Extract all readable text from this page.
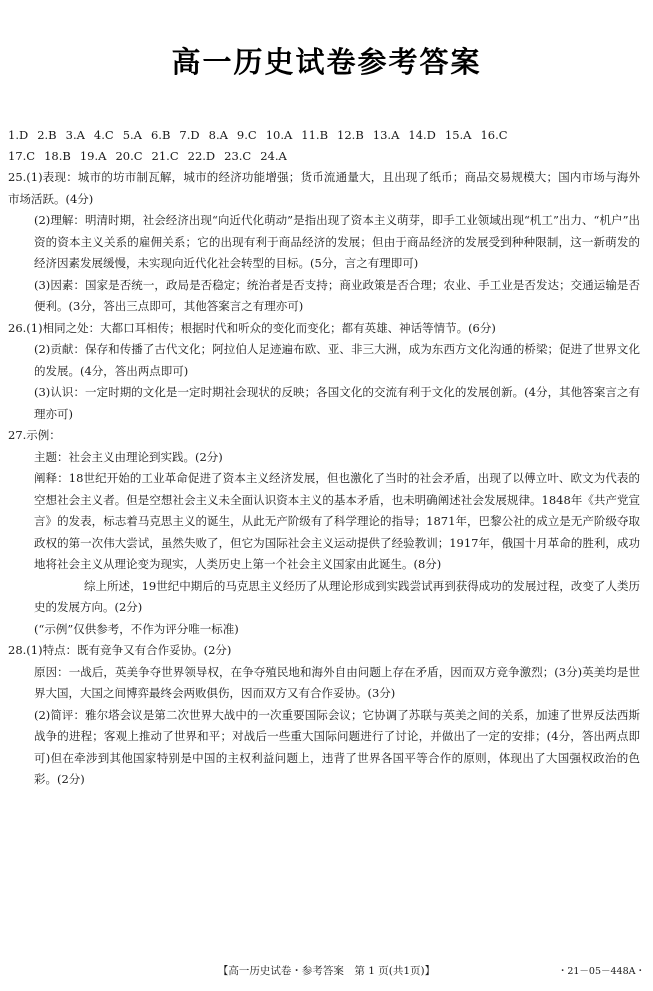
高一历史试卷参考答案
1.D 2.B 3.A 4.C 5.A 6.B 7.D 8.A 9.C 10.A 11.B 12.B 13.A 14.D 15.A 16.C
17.C 18.B 19.A 20.C 21.C 22.D 23.C 24.A

25.(1)表现：城市的坊市制瓦解，城市的经济功能增强；货币流通量大，且出现了纸币；商品交易规模大；国内市场与海外市场活跃。(4分)

(2)理解：明清时期，社会经济出现“向近代化萌动”是指出现了资本主义萌芽，即手工业领域出现“机工”出力、“机户”出资的资本主义关系的雇佣关系；它的出现有利于商品经济的发展；但由于商品经济的发展受到种种限制，这一新萌发的经济因素发展缓慢，未实现向近代化社会转型的目标。(5分，言之有理即可)

(3)因素：国家是否统一，政局是否稳定；统治者是否支持；商业政策是否合理；农业、手工业是否发达；交通运输是否便利。(3分，答出三点即可，其他答案言之有理亦可)

26.(1)相同之处：大都口耳相传；根据时代和听众的变化而变化；都有英雄、神话等情节。(6分)

(2)贡献：保存和传播了古代文化；阿拉伯人足迹遍布欧、亚、非三大洲，成为东西方文化沟通的桥梁；促进了世界文化的发展。(4分，答出两点即可)

(3)认识：一定时期的文化是一定时期社会现状的反映；各国文化的交流有利于文化的发展创新。(4分，其他答案言之有理亦可)

27.示例：

主题：社会主义由理论到实践。(2分)

阐释：18世纪开始的工业革命促进了资本主义经济发展，但也激化了当时的社会矛盾，出现了以傅立叶、欧文为代表的空想社会主义者。但是空想社会主义未全面认识资本主义的基本矛盾，也未明确阐述社会发展规律。1848年《共产党宣言》的发表，标志着马克思主义的诞生，从此无产阶级有了科学理论的指导；1871年，巴黎公社的成立是无产阶级夺取政权的第一次伟大尝试，虽然失败了，但它为国际社会主义运动提供了经验教训；1917年，俄国十月革命的胜利，成功地将社会主义从理论变为现实，人类历史上第一个社会主义国家由此诞生。(8分)

综上所述，19世纪中期后的马克思主义经历了从理论形成到实践尝试再到获得成功的发展过程，改变了人类历史的发展方向。(2分)

(“示例”仅供参考，不作为评分唯一标准)

28.(1)特点：既有竞争又有合作妥协。(2分)

原因：一战后，英美争夺世界领导权，在争夺殖民地和海外自由问题上存在矛盾，因而双方竞争激烈；(3分)英美均是世界大国，大国之间博弈最终会两败俱伤，因而双方又有合作妥协。(3分)

(2)简评：雅尔塔会议是第二次世界大战中的一次重要国际会议；它协调了苏联与英美之间的关系，加速了世界反法西斯战争的进程；客观上推动了世界和平；对战后一些重大国际问题进行了讨论，并做出了一定的安排；(4分，答出两点即可)但在牵涉到其他国家特别是中国的主权利益问题上，违背了世界各国平等合作的原则，体现出了大国强权政治的色彩。(2分)

【高一历史试卷・参考答案　第 1 页(共1页)】	・21－05－448A・
